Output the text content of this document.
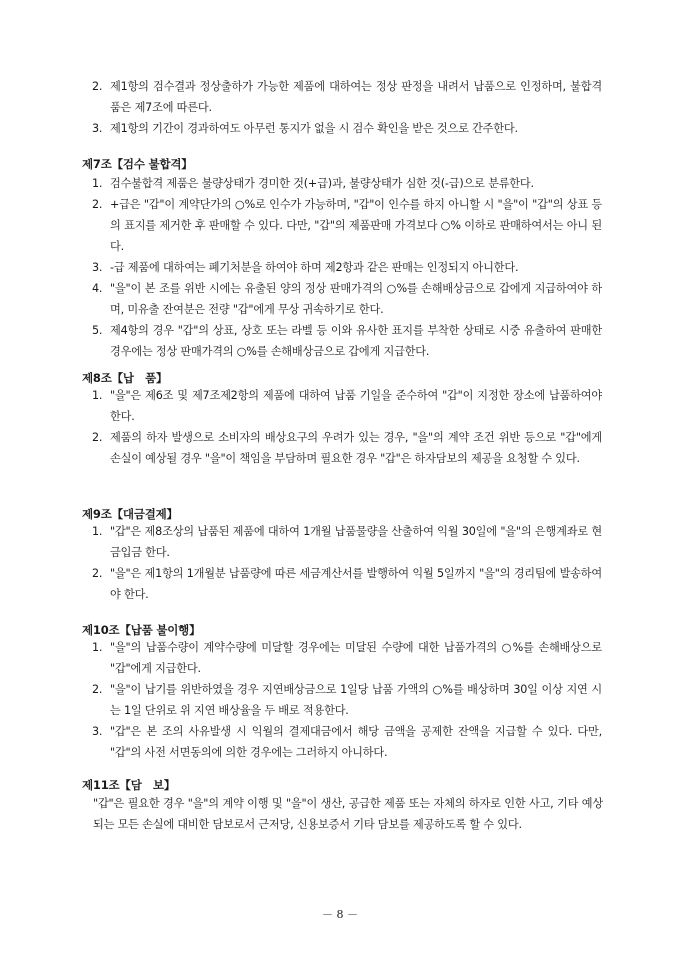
2. 제1항의 검수결과 정상출하가 가능한 제품에 대하여는 정상 판정을 내려서 납품으로 인정하며, 불합격품은 제7조에 따른다.
3. 제1항의 기간이 경과하여도 아무런 통지가 없을 시 검수 확인을 받은 것으로 간주한다.
제7조【검수 불합격】
1. 검수불합격 제품은 불량상태가 경미한 것(+급)과, 불량상태가 심한 것(-급)으로 분류한다.
2. +급은 "갑"이 계약단가의 ○%로 인수가 가능하며, "갑"이 인수를 하지 아니할 시 "을"이 "갑"의 상표 등의 표지를 제거한 후 판매할 수 있다. 다만, "갑"의 제품판매 가격보다 ○% 이하로 판매하여서는 아니 된다.
3. -급 제품에 대하여는 폐기처분을 하여야 하며 제2항과 같은 판매는 인정되지 아니한다.
4. "을"이 본 조를 위반 시에는 유출된 양의 정상 판매가격의 ○%를 손해배상금으로 갑에게 지급하여야 하며, 미유출 잔여분은 전량 "갑"에게 무상 귀속하기로 한다.
5. 제4항의 경우 "갑"의 상표, 상호 또는 라벨 등 이와 유사한 표지를 부착한 상태로 시중 유출하여 판매한 경우에는 정상 판매가격의 ○%를 손해배상금으로 갑에게 지급한다.
제8조【납　품】
1. "을"은 제6조 및 제7조제2항의 제품에 대하여 납품 기일을 준수하여 "갑"이 지정한 장소에 납품하여야 한다.
2. 제품의 하자 발생으로 소비자의 배상요구의 우려가 있는 경우, "을"의 계약 조건 위반 등으로 "갑"에게 손실이 예상될 경우 "을"이 책임을 부담하며 필요한 경우 "갑"은 하자담보의 제공을 요청할 수 있다.
제9조【대금결제】
1. "갑"은 제8조상의 납품된 제품에 대하여 1개월 납품물량을 산출하여 익월 30일에 "을"의 은행계좌로 현금입금 한다.
2. "을"은 제1항의 1개월분 납품량에 따른 세금계산서를 발행하여 익월 5일까지 "을"의 경리팀에 발송하여야 한다.
제10조【납품 불이행】
1. "을"의 납품수량이 계약수량에 미달할 경우에는 미달된 수량에 대한 납품가격의 ○%를 손해배상으로 "갑"에게 지급한다.
2. "을"이 납기를 위반하였을 경우 지연배상금으로 1일당 납품 가액의 ○%를 배상하며 30일 이상 지연 시는 1일 단위로 위 지연 배상율을 두 배로 적용한다.
3. "갑"은 본 조의 사유발생 시 익월의 결제대금에서 해당 금액을 공제한 잔액을 지급할 수 있다. 다만, "갑"의 사전 서면동의에 의한 경우에는 그러하지 아니하다.
제11조【담　보】
"갑"은 필요한 경우 "을"의 계약 이행 및 "을"이 생산, 공급한 제품 또는 자체의 하자로 인한 사고, 기타 예상되는 모든 손실에 대비한 담보로서 근저당, 신용보증서 기타 담보를 제공하도록 할 수 있다.
－ 8 －
